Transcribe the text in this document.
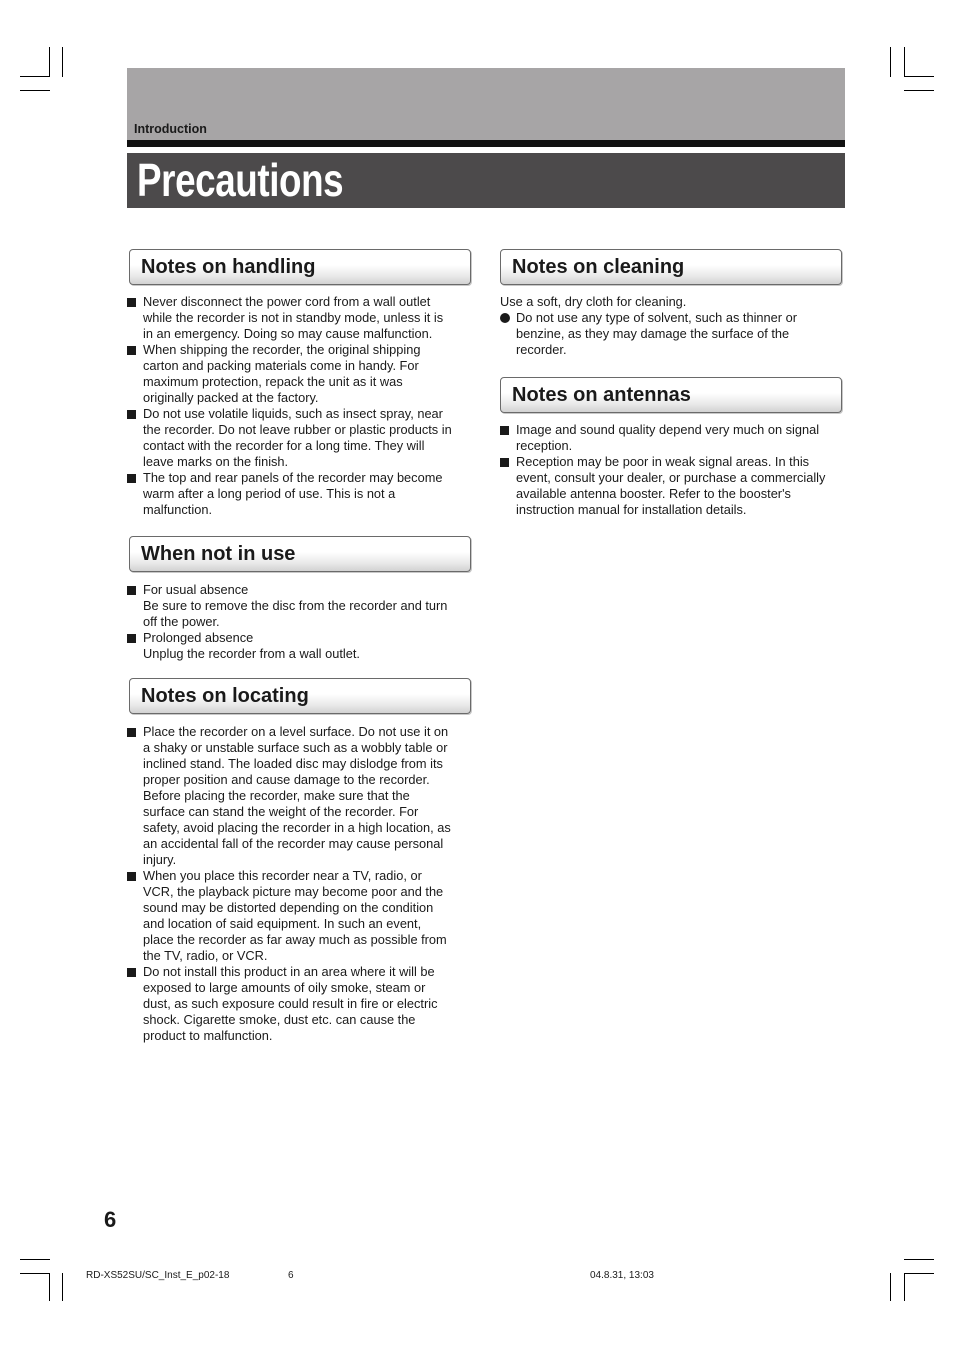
Introduction
Precautions
Notes on handling
Never disconnect the power cord from a wall outlet
while the recorder is not in standby mode, unless it is
in an emergency. Doing so may cause malfunction.
When shipping the recorder, the original shipping
carton and packing materials come in handy. For
maximum protection, repack the unit as it was
originally packed at the factory.
Do not use volatile liquids, such as insect spray, near
the recorder. Do not leave rubber or plastic products in
contact with the recorder for a long time. They will
leave marks on the finish.
The top and rear panels of the recorder may become
warm after a long period of use. This is not a
malfunction.
When not in use
For usual absence
Be sure to remove the disc from the recorder and turn
off the power.
Prolonged absence
Unplug the recorder from a wall outlet.
Notes on locating
Place the recorder on a level surface. Do not use it on
a shaky or unstable surface such as a wobbly table or
inclined stand. The loaded disc may dislodge from its
proper position and cause damage to the recorder.
Before placing the recorder, make sure that the
surface can stand the weight of the recorder. For
safety, avoid placing the recorder in a high location, as
an accidental fall of the recorder may cause personal
injury.
When you place this recorder near a TV, radio, or
VCR, the playback picture may become poor and the
sound may be distorted depending on the condition
and location of said equipment. In such an event,
place the recorder as far away much as possible from
the TV, radio, or VCR.
Do not install this product in an area where it will be
exposed to large amounts of oily smoke, steam or
dust, as such exposure could result in fire or electric
shock. Cigarette smoke, dust etc. can cause the
product to malfunction.
Notes on cleaning
Use a soft, dry cloth for cleaning.
Do not use any type of solvent, such as thinner or
benzine, as they may damage the surface of the
recorder.
Notes on antennas
Image and sound quality depend very much on signal
reception.
Reception may be poor in weak signal areas. In this
event, consult your dealer, or purchase a commercially
available antenna booster. Refer to the booster's
instruction manual for installation details.
6
RD-XS52SU/SC_Inst_E_p02-18	6	04.8.31, 13:03
